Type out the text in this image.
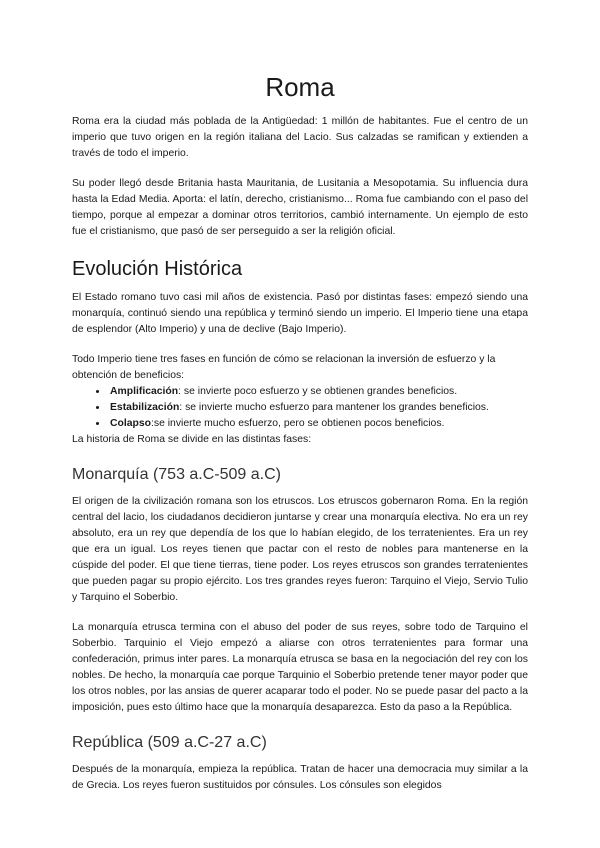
Roma

Roma era la ciudad más poblada de la Antigüedad: 1 millón de habitantes. Fue el centro de un imperio que tuvo origen en la región italiana del Lacio. Sus calzadas se ramifican y extienden a través de todo el imperio.

Su poder llegó desde Britania hasta Mauritania, de Lusitania a Mesopotamia. Su influencia dura hasta la Edad Media. Aporta: el latín, derecho, cristianismo... Roma fue cambiando con el paso del tiempo, porque al empezar a dominar otros territorios, cambió internamente. Un ejemplo de esto fue el cristianismo, que pasó de ser perseguido a ser la religión oficial.

Evolución Histórica

El Estado romano tuvo casi mil años de existencia. Pasó por distintas fases: empezó siendo una monarquía, continuó siendo una república y terminó siendo un imperio. El Imperio tiene una etapa de esplendor (Alto Imperio) y una de declive (Bajo Imperio).

Todo Imperio tiene tres fases en función de cómo se relacionan la inversión de esfuerzo y la obtención de beneficios:

• Amplificación: se invierte poco esfuerzo y se obtienen grandes beneficios.
• Estabilización: se invierte mucho esfuerzo para mantener los grandes beneficios.
• Colapso:se invierte mucho esfuerzo, pero se obtienen pocos beneficios.

La historia de Roma se divide en las distintas fases:

Monarquía (753 a.C-509 a.C)

El origen de la civilización romana son los etruscos. Los etruscos gobernaron Roma. En la región central del lacio, los ciudadanos decidieron juntarse y crear una monarquía electiva. No era un rey absoluto, era un rey que dependía de los que lo habían elegido, de los terratenientes. Era un rey que era un igual. Los reyes tienen que pactar con el resto de nobles para mantenerse en la cúspide del poder. El que tiene tierras, tiene poder. Los reyes etruscos son grandes terratenientes que pueden pagar su propio ejército. Los tres grandes reyes fueron: Tarquino el Viejo, Servio Tulio y Tarquino el Soberbio.

La monarquía etrusca termina con el abuso del poder de sus reyes, sobre todo de Tarquino el Soberbio. Tarquinio el Viejo empezó a aliarse con otros terratenientes para formar una confederación, primus inter pares. La monarquía etrusca se basa en la negociación del rey con los nobles. De hecho, la monarquía cae porque Tarquinio el Soberbio pretende tener mayor poder que los otros nobles, por las ansias de querer acaparar todo el poder. No se puede pasar del pacto a la imposición, pues esto último hace que la monarquía desaparezca. Esto da paso a la República.

República (509 a.C-27 a.C)

Después de la monarquía, empieza la república. Tratan de hacer una democracia muy similar a la de Grecia. Los reyes fueron sustituidos por cónsules. Los cónsules son elegidos
